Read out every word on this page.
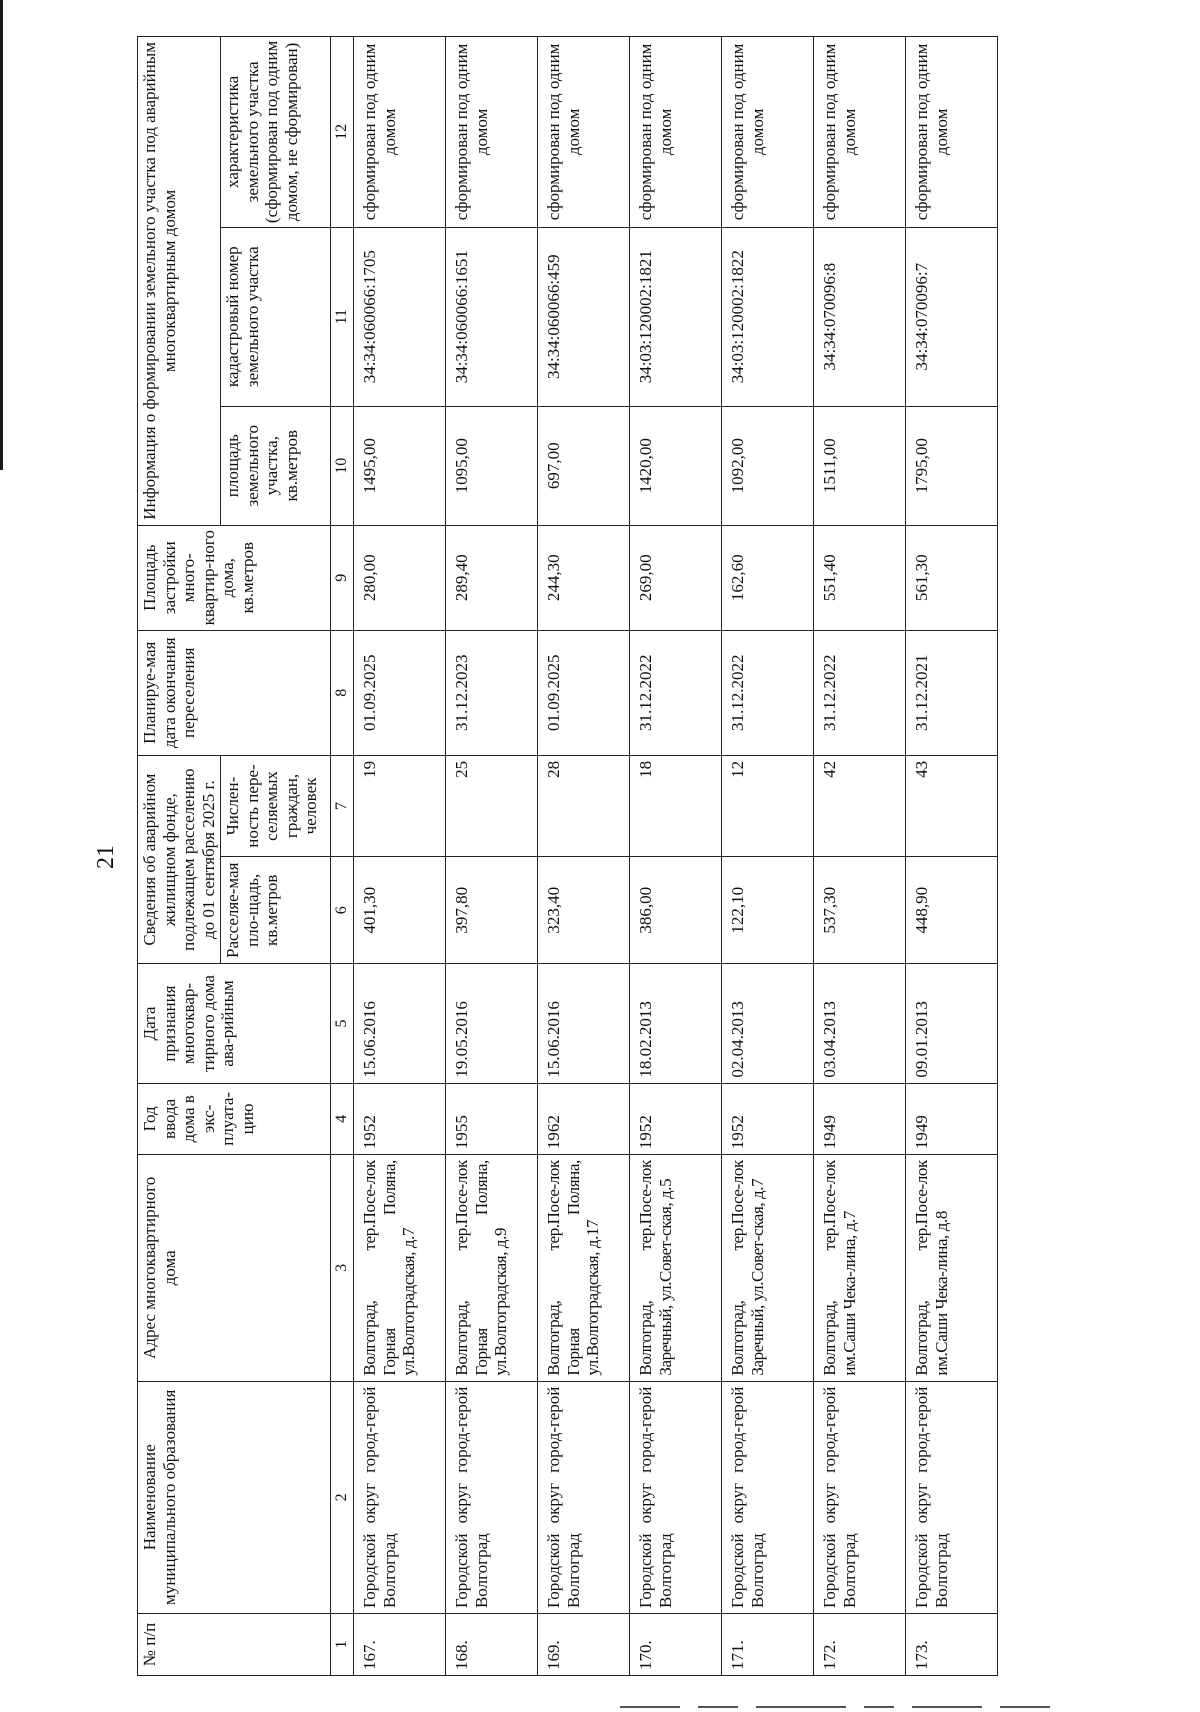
21
№ п/п	Наименование муниципального образования	Адрес многоквартирного дома	Год ввода дома в экс-плуата-цию	Дата признания многоквар-тирного дома ава-рийным	Сведения об аварийном жилищном фонде, подлежащем расселению до 01 сентября 2025 г.		Планируе-мая дата окончания переселения	Площадь застройки много-квартир-ного дома, кв.метров	Информация о формировании земельного участка под аварийным многоквартирным домом		
					Расселяе-мая пло-щадь, кв.метров	Числен-ность пере-селяемых граждан, человек			площадь земельного участка, кв.метров	кадастровый номер земельного участка	характеристика земельного участка (сформирован под одним домом, не сформирован)
1	2	3	4	5	6	7	8	9	10	11	12
167.	Городской округ город-герой Волгоград	Волгоград, тер.Посе-лок Горная Поляна, ул.Волгоградская, д.7	1952	15.06.2016	401,30	19	01.09.2025	280,00	1495,00	34:34:060066:1705	сформирован под одним домом
168.	Городской округ город-герой Волгоград	Волгоград, тер.Посе-лок Горная Поляна, ул.Волгоградская, д.9	1955	19.05.2016	397,80	25	31.12.2023	289,40	1095,00	34:34:060066:1651	сформирован под одним домом
169.	Городской округ город-герой Волгоград	Волгоград, тер.Посе-лок Горная Поляна, ул.Волгоградская, д.17	1962	15.06.2016	323,40	28	01.09.2025	244,30	697,00	34:34:060066:459	сформирован под одним домом
170.	Городской округ город-герой Волгоград	Волгоград, тер.Посе-лок Заречный, ул.Совет-ская, д.5	1952	18.02.2013	386,00	18	31.12.2022	269,00	1420,00	34:03:120002:1821	сформирован под одним домом
171.	Городской округ город-герой Волгоград	Волгоград, тер.Посе-лок Заречный, ул.Совет-ская, д.7	1952	02.04.2013	122,10	12	31.12.2022	162,60	1092,00	34:03:120002:1822	сформирован под одним домом
172.	Городской округ город-герой Волгоград	Волгоград, тер.Посе-лок им.Саши Чека-лина, д.7	1949	03.04.2013	537,30	42	31.12.2022	551,40	1511,00	34:34:070096:8	сформирован под одним домом
173.	Городской округ город-герой Волгоград	Волгоград, тер.Посе-лок им.Саши Чека-лина, д.8	1949	09.01.2013	448,90	43	31.12.2021	561,30	1795,00	34:34:070096:7	сформирован под одним домом
